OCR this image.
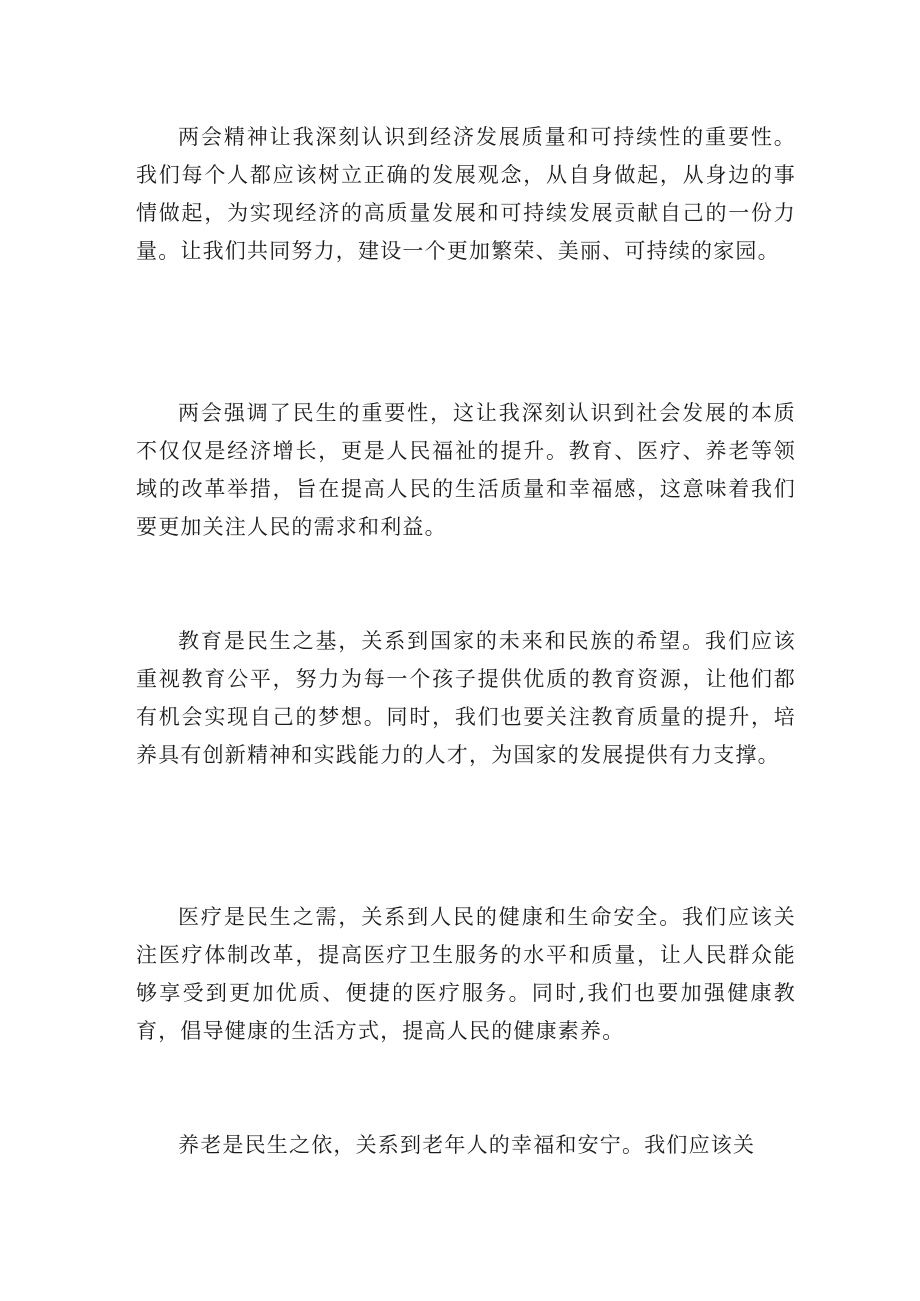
两会精神让我深刻认识到经济发展质量和可持续性的重要性。我们每个人都应该树立正确的发展观念，从自身做起，从身边的事情做起，为实现经济的高质量发展和可持续发展贡献自己的一份力量。让我们共同努力，建设一个更加繁荣、美丽、可持续的家园。

两会强调了民生的重要性，这让我深刻认识到社会发展的本质不仅仅是经济增长，更是人民福祉的提升。教育、医疗、养老等领域的改革举措，旨在提高人民的生活质量和幸福感，这意味着我们要更加关注人民的需求和利益。

教育是民生之基，关系到国家的未来和民族的希望。我们应该重视教育公平，努力为每一个孩子提供优质的教育资源，让他们都有机会实现自己的梦想。同时，我们也要关注教育质量的提升，培养具有创新精神和实践能力的人才，为国家的发展提供有力支撑。

医疗是民生之需，关系到人民的健康和生命安全。我们应该关注医疗体制改革，提高医疗卫生服务的水平和质量，让人民群众能够享受到更加优质、便捷的医疗服务。同时,我们也要加强健康教育，倡导健康的生活方式，提高人民的健康素养。

养老是民生之依，关系到老年人的幸福和安宁。我们应该关
